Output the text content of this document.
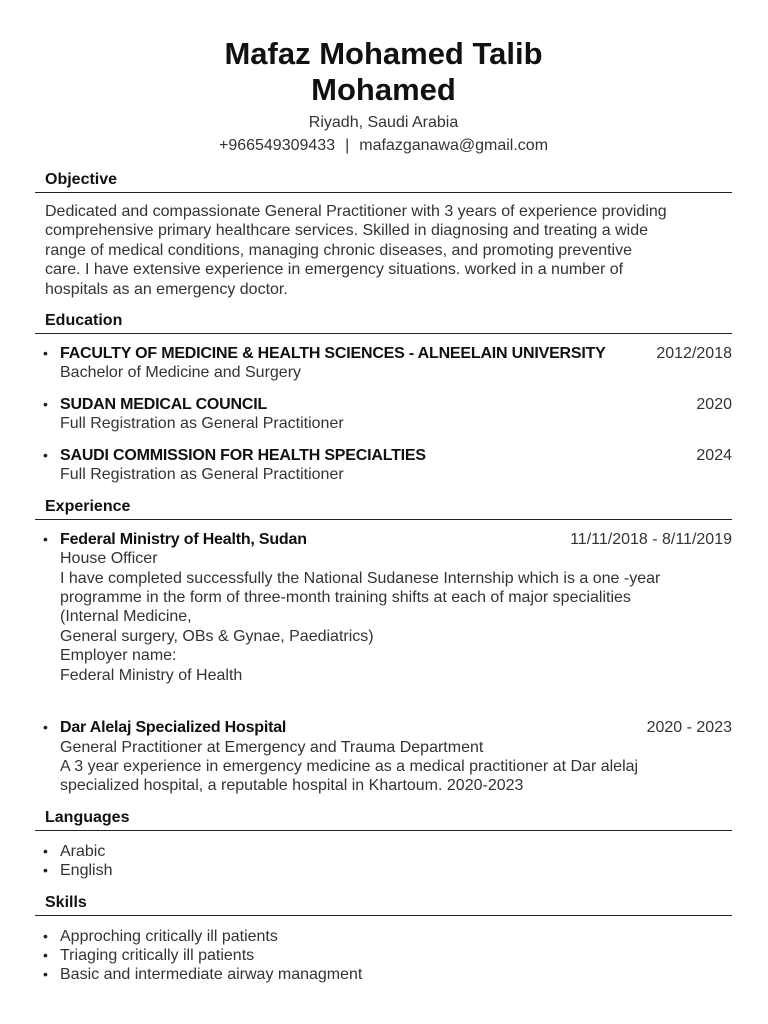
Mafaz Mohamed Talib
Mohamed
Riyadh, Saudi Arabia
+966549309433 | mafazganawa@gmail.com
Objective
Dedicated and compassionate General Practitioner with 3 years of experience providing
comprehensive primary healthcare services. Skilled in diagnosing and treating a wide
range of medical conditions, managing chronic diseases, and promoting preventive
care. I have extensive experience in emergency situations. worked in a number of
hospitals as an emergency doctor.
Education
• FACULTY OF MEDICINE & HEALTH SCIENCES - ALNEELAIN UNIVERSITY	2012/2018
Bachelor of Medicine and Surgery
• SUDAN MEDICAL COUNCIL	2020
Full Registration as General Practitioner
• SAUDI COMMISSION FOR HEALTH SPECIALTIES	2024
Full Registration as General Practitioner
Experience
• Federal Ministry of Health, Sudan	11/11/2018 - 8/11/2019
House Officer
I have completed successfully the National Sudanese Internship which is a one -year
programme in the form of three-month training shifts at each of major specialities
(Internal Medicine,
General surgery, OBs & Gynae, Paediatrics)
Employer name:
Federal Ministry of Health
• Dar Alelaj Specialized Hospital	2020 - 2023
General Practitioner at Emergency and Trauma Department
A 3 year experience in emergency medicine as a medical practitioner at Dar alelaj
specialized hospital, a reputable hospital in Khartoum. 2020-2023
Languages
• Arabic
• English
Skills
• Approching critically ill patients
• Triaging critically ill patients
• Basic and intermediate airway managment
